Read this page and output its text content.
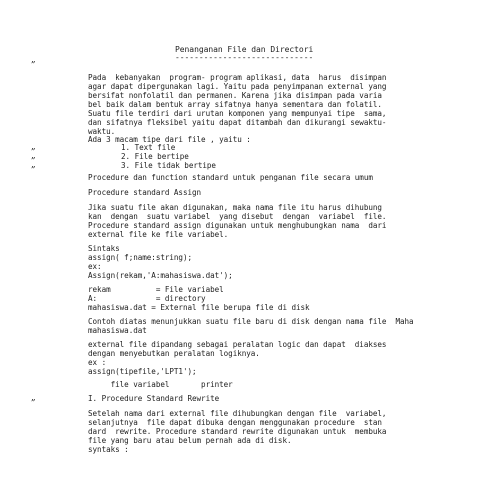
Penanganan File dan Directori
-----------------------------
„
Pada  kebanyakan  program- program aplikasi, data  harus  disimpan
agar dapat dipergunakan lagi. Yaitu pada penyimpanan external yang
bersifat nonfolatil dan permanen. Karena jika disimpan pada varia
bel baik dalam bentuk array sifatnya hanya sementara dan folatil.
Suatu file terdiri dari urutan komponen yang mempunyai tipe  sama,
dan sifatnya fleksibel yaitu dapat ditambah dan dikurangi sewaktu-
waktu.
Ada 3 macam tipe dari file , yaitu :
„
„
„
1. Text file
2. File bertipe
3. File tidak bertipe
Procedure dan function standard untuk penganan file secara umum
Procedure standard Assign
Jika suatu file akan digunakan, maka nama file itu harus dihubung
kan  dengan  suatu variabel  yang disebut  dengan  variabel  file.
Procedure standard assign digunakan untuk menghubungkan nama  dari
external file ke file variabel.
Sintaks
assign( f;name:string);
ex:
Assign(rekam,'A:mahasiswa.dat');
rekam          = File variabel
A:             = directory
mahasiswa.dat = External file berupa file di disk
Contoh diatas menunjukkan suatu file baru di disk dengan nama file  Maha
mahasiswa.dat
external file dipandang sebagai peralatan logic dan dapat  diakses
dengan menyebutkan peralatan logiknya.
ex :
assign(tipefile,'LPT1');
file variabel       printer
„	I. Procedure Standard Rewrite
Setelah nama dari external file dihubungkan dengan file  variabel,
selanjutnya  file dapat dibuka dengan menggunakan procedure  stan
dard  rewrite. Procedure standard rewrite digunakan untuk  membuka
file yang baru atau belum pernah ada di disk.
syntaks :
